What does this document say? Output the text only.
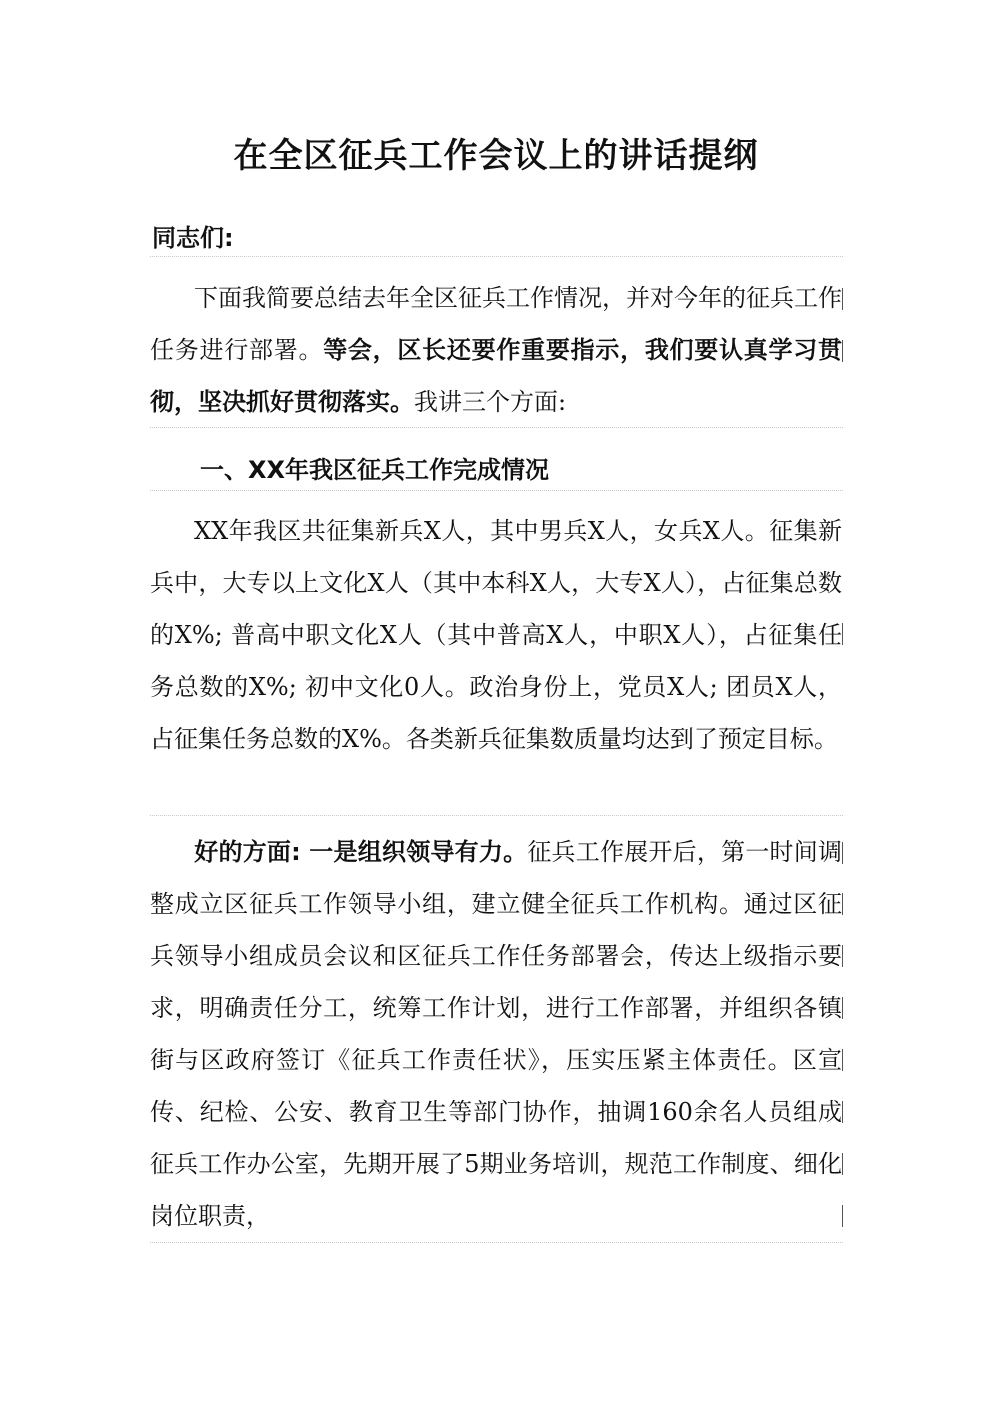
在全区征兵工作会议上的讲话提纲
同志们:
下面我简要总结去年全区征兵工作情况，并对今年的征兵工作任务进行部署。等会，区长还要作重要指示，我们要认真学习贯彻，坚决抓好贯彻落实。我讲三个方面:
一、XX年我区征兵工作完成情况
XX年我区共征集新兵X人，其中男兵X人，女兵X人。征集新兵中，大专以上文化X人（其中本科X人，大专X人），占征集总数的X%; 普高中职文化X人（其中普高X人，中职X人），占征集任务总数的X%; 初中文化0人。政治身份上，党员X人; 团员X人，占征集任务总数的X%。各类新兵征集数质量均达到了预定目标。
好的方面: 一是组织领导有力。征兵工作展开后，第一时间调整成立区征兵工作领导小组，建立健全征兵工作机构。通过区征兵领导小组成员会议和区征兵工作任务部署会，传达上级指示要求，明确责任分工，统筹工作计划，进行工作部署，并组织各镇街与区政府签订《征兵工作责任状》，压实压紧主体责任。区宣传、纪检、公安、教育卫生等部门协作，抽调160余名人员组成征兵工作办公室，先期开展了5期业务培训，规范工作制度、细化岗位职责，
